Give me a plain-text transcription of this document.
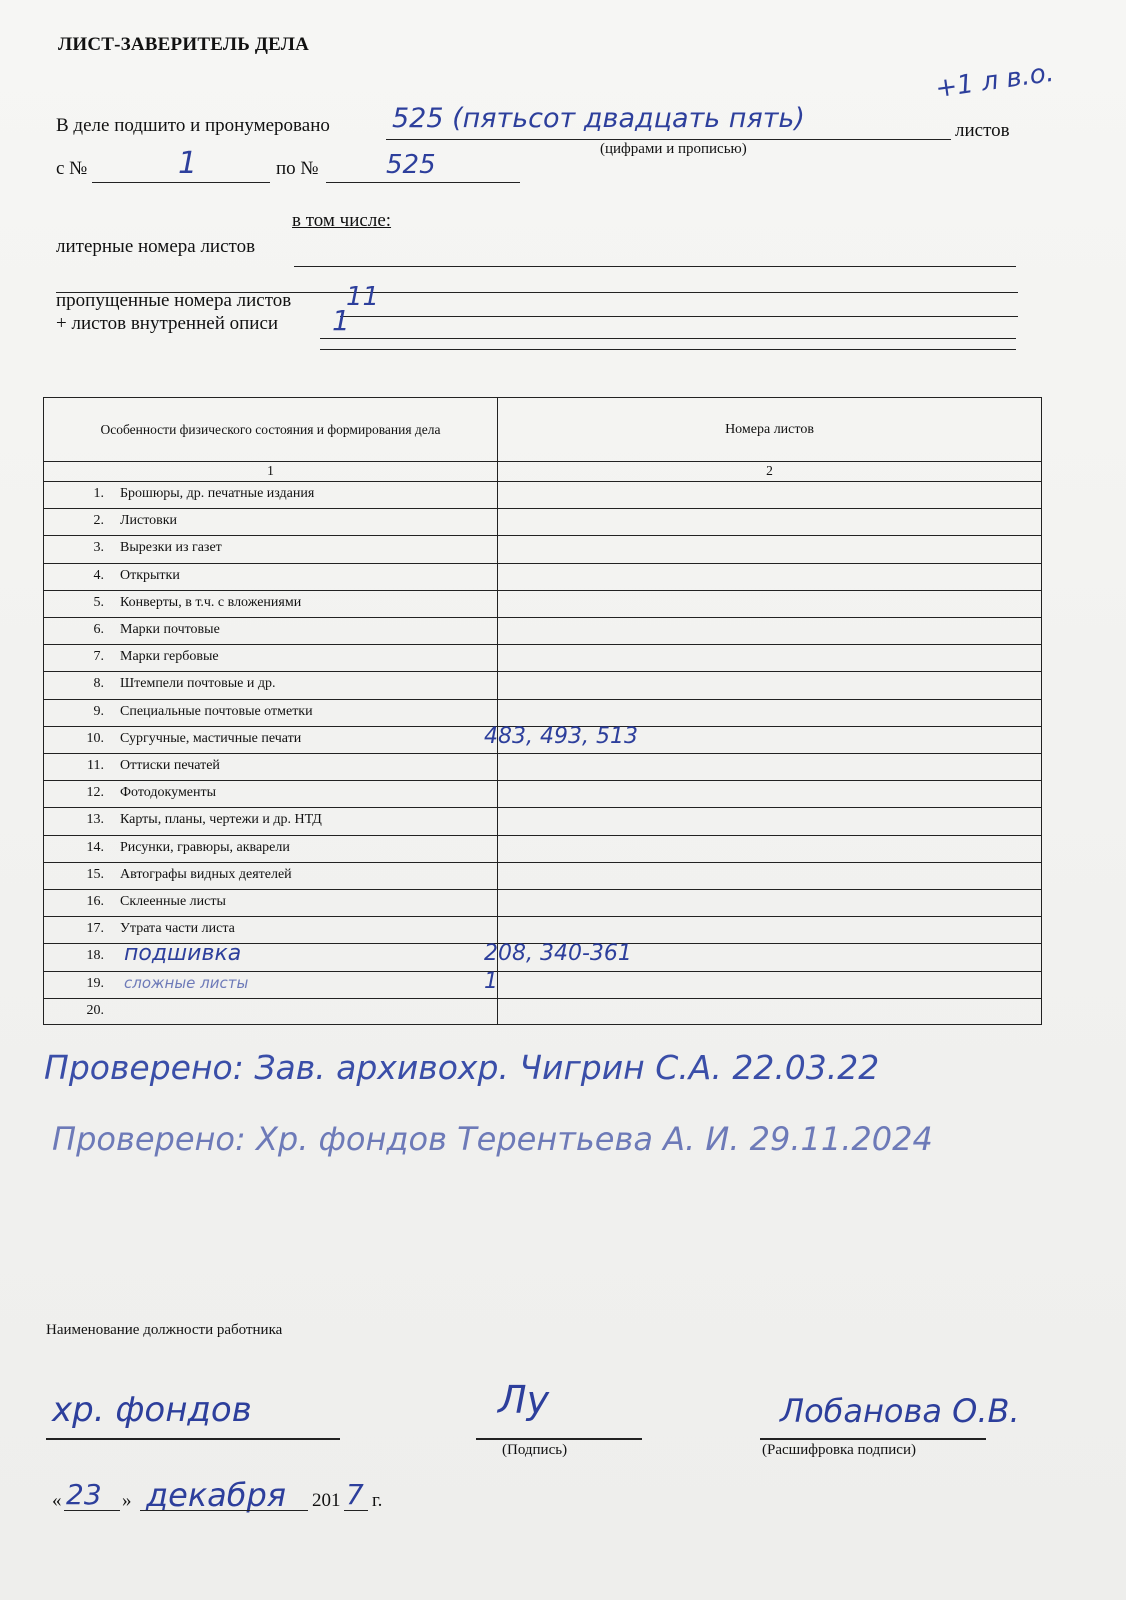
ЛИСТ-ЗАВЕРИТЕЛЬ ДЕЛА
В деле подшито и пронумеровано 525 (пятьсот двадцать пять)	листов
+1 л в.о.
(цифрами и прописью)
с №	1	по №	525
в том числе:
литерные номера листов
пропущенные номера листов 11
+ листов внутренней описи 1
Особенности физического состояния и формирования дела	Номера листов
1	2
1. Брошюры, др. печатные издания
2. Листовки
3. Вырезки из газет
4. Открытки
5. Конверты, в т.ч. с вложениями
6. Марки почтовые
7. Марки гербовые
8. Штемпели почтовые и др.
9. Специальные почтовые отметки
10. Сургучные, мастичные печати	483, 493, 513
11. Оттиски печатей
12. Фотодокументы
13. Карты, планы, чертежи и др. НТД
14. Рисунки, гравюры, акварели
15. Автографы видных деятелей
16. Склеенные листы
17. Утрата части листа
18. подшивка	208, 340-361
19. сложные листы	1
20.
Проверено: Зав. архивохр. Чигрин С.А. 22.03.22
Проверено: Хр. фондов Терентьева А. И. 29.11.2024
Наименование должности работника
хр. фондов	Лу
(Подпись)
Лобанова О.В.
(Расшифровка подписи)
« 23 » декабря 201 7 г.
